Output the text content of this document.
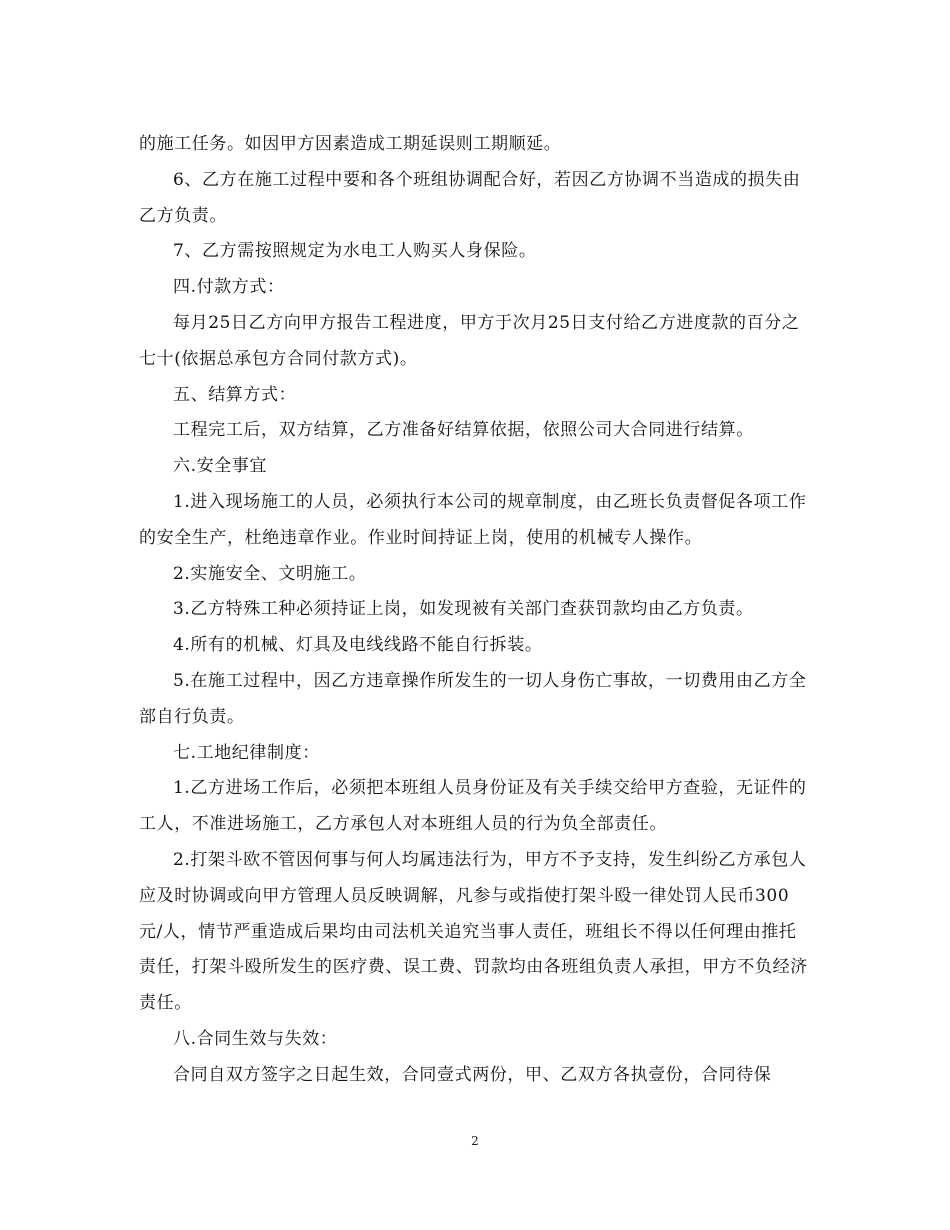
的施工任务。如因甲方因素造成工期延误则工期顺延。

6、乙方在施工过程中要和各个班组协调配合好，若因乙方协调不当造成的损失由乙方负责。

7、乙方需按照规定为水电工人购买人身保险。

四.付款方式：

每月25日乙方向甲方报告工程进度，甲方于次月25日支付给乙方进度款的百分之七十(依据总承包方合同付款方式)。

五、结算方式：

工程完工后，双方结算，乙方准备好结算依据，依照公司大合同进行结算。

六.安全事宜

1.进入现场施工的人员，必须执行本公司的规章制度，由乙班长负责督促各项工作的安全生产，杜绝违章作业。作业时间持证上岗，使用的机械专人操作。

2.实施安全、文明施工。

3.乙方特殊工种必须持证上岗，如发现被有关部门查获罚款均由乙方负责。

4.所有的机械、灯具及电线线路不能自行拆装。

5.在施工过程中，因乙方违章操作所发生的一切人身伤亡事故，一切费用由乙方全部自行负责。

七.工地纪律制度：

1.乙方进场工作后，必须把本班组人员身份证及有关手续交给甲方查验，无证件的工人，不准进场施工，乙方承包人对本班组人员的行为负全部责任。

2.打架斗欧不管因何事与何人均属违法行为，甲方不予支持，发生纠纷乙方承包人应及时协调或向甲方管理人员反映调解，凡参与或指使打架斗殴一律处罚人民币300元/人，情节严重造成后果均由司法机关追究当事人责任，班组长不得以任何理由推托责任，打架斗殴所发生的医疗费、误工费、罚款均由各班组负责人承担，甲方不负经济责任。

八.合同生效与失效：

合同自双方签字之日起生效，合同壹式两份，甲、乙双方各执壹份，合同待保

2
